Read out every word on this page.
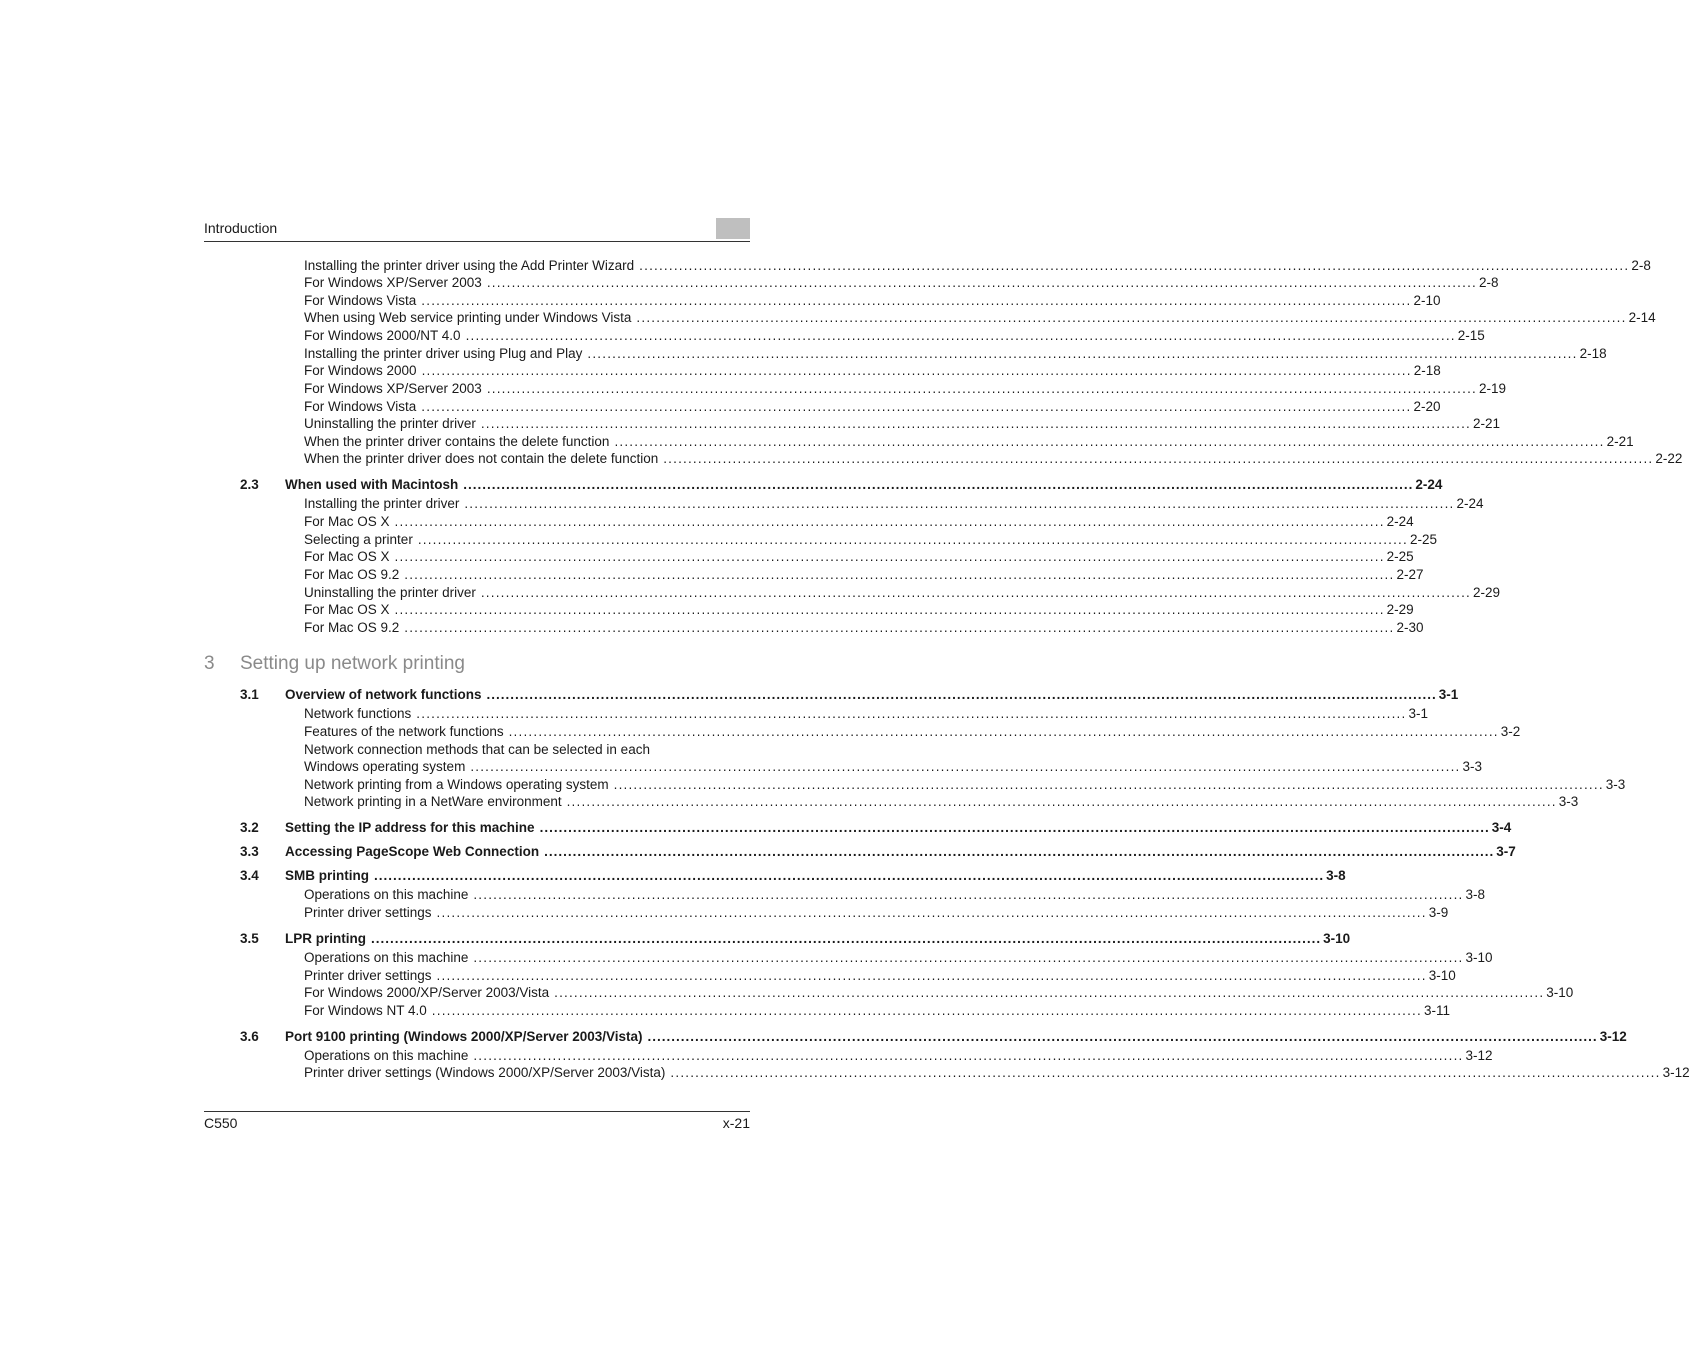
Introduction
Installing the printer driver using the Add Printer Wizard ........................................................................................................................................................................................................ 2-8
For Windows XP/Server 2003 ........................................................................................................................................................................................................ 2-8
For Windows Vista ........................................................................................................................................................................................................ 2-10
When using Web service printing under Windows Vista ........................................................................................................................................................................................................ 2-14
For Windows 2000/NT 4.0 ........................................................................................................................................................................................................ 2-15
Installing the printer driver using Plug and Play ........................................................................................................................................................................................................ 2-18
For Windows 2000 ........................................................................................................................................................................................................ 2-18
For Windows XP/Server 2003 ........................................................................................................................................................................................................ 2-19
For Windows Vista ........................................................................................................................................................................................................ 2-20
Uninstalling the printer driver ........................................................................................................................................................................................................ 2-21
When the printer driver contains the delete function ........................................................................................................................................................................................................ 2-21
When the printer driver does not contain the delete function ........................................................................................................................................................................................................ 2-22
2.3	When used with Macintosh ........................................................................................................................................................................................................ 2-24
Installing the printer driver ........................................................................................................................................................................................................ 2-24
For Mac OS X ........................................................................................................................................................................................................ 2-24
Selecting a printer ........................................................................................................................................................................................................ 2-25
For Mac OS X ........................................................................................................................................................................................................ 2-25
For Mac OS 9.2 ........................................................................................................................................................................................................ 2-27
Uninstalling the printer driver ........................................................................................................................................................................................................ 2-29
For Mac OS X ........................................................................................................................................................................................................ 2-29
For Mac OS 9.2 ........................................................................................................................................................................................................ 2-30
3 Setting up network printing
3.1	Overview of network functions ........................................................................................................................................................................................................ 3-1
Network functions ........................................................................................................................................................................................................ 3-1
Features of the network functions ........................................................................................................................................................................................................ 3-2
Network connection methods that can be selected in each
Windows operating system ........................................................................................................................................................................................................ 3-3
Network printing from a Windows operating system ........................................................................................................................................................................................................ 3-3
Network printing in a NetWare environment ........................................................................................................................................................................................................ 3-3
3.2	Setting the IP address for this machine ........................................................................................................................................................................................................ 3-4
3.3	Accessing PageScope Web Connection ........................................................................................................................................................................................................ 3-7
3.4	SMB printing ........................................................................................................................................................................................................ 3-8
Operations on this machine ........................................................................................................................................................................................................ 3-8
Printer driver settings ........................................................................................................................................................................................................ 3-9
3.5	LPR printing ........................................................................................................................................................................................................ 3-10
Operations on this machine ........................................................................................................................................................................................................ 3-10
Printer driver settings ........................................................................................................................................................................................................ 3-10
For Windows 2000/XP/Server 2003/Vista ........................................................................................................................................................................................................ 3-10
For Windows NT 4.0 ........................................................................................................................................................................................................ 3-11
3.6	Port 9100 printing (Windows 2000/XP/Server 2003/Vista) ........................................................................................................................................................................................................ 3-12
Operations on this machine ........................................................................................................................................................................................................ 3-12
Printer driver settings (Windows 2000/XP/Server 2003/Vista) ........................................................................................................................................................................................................ 3-12
C550	x-21
